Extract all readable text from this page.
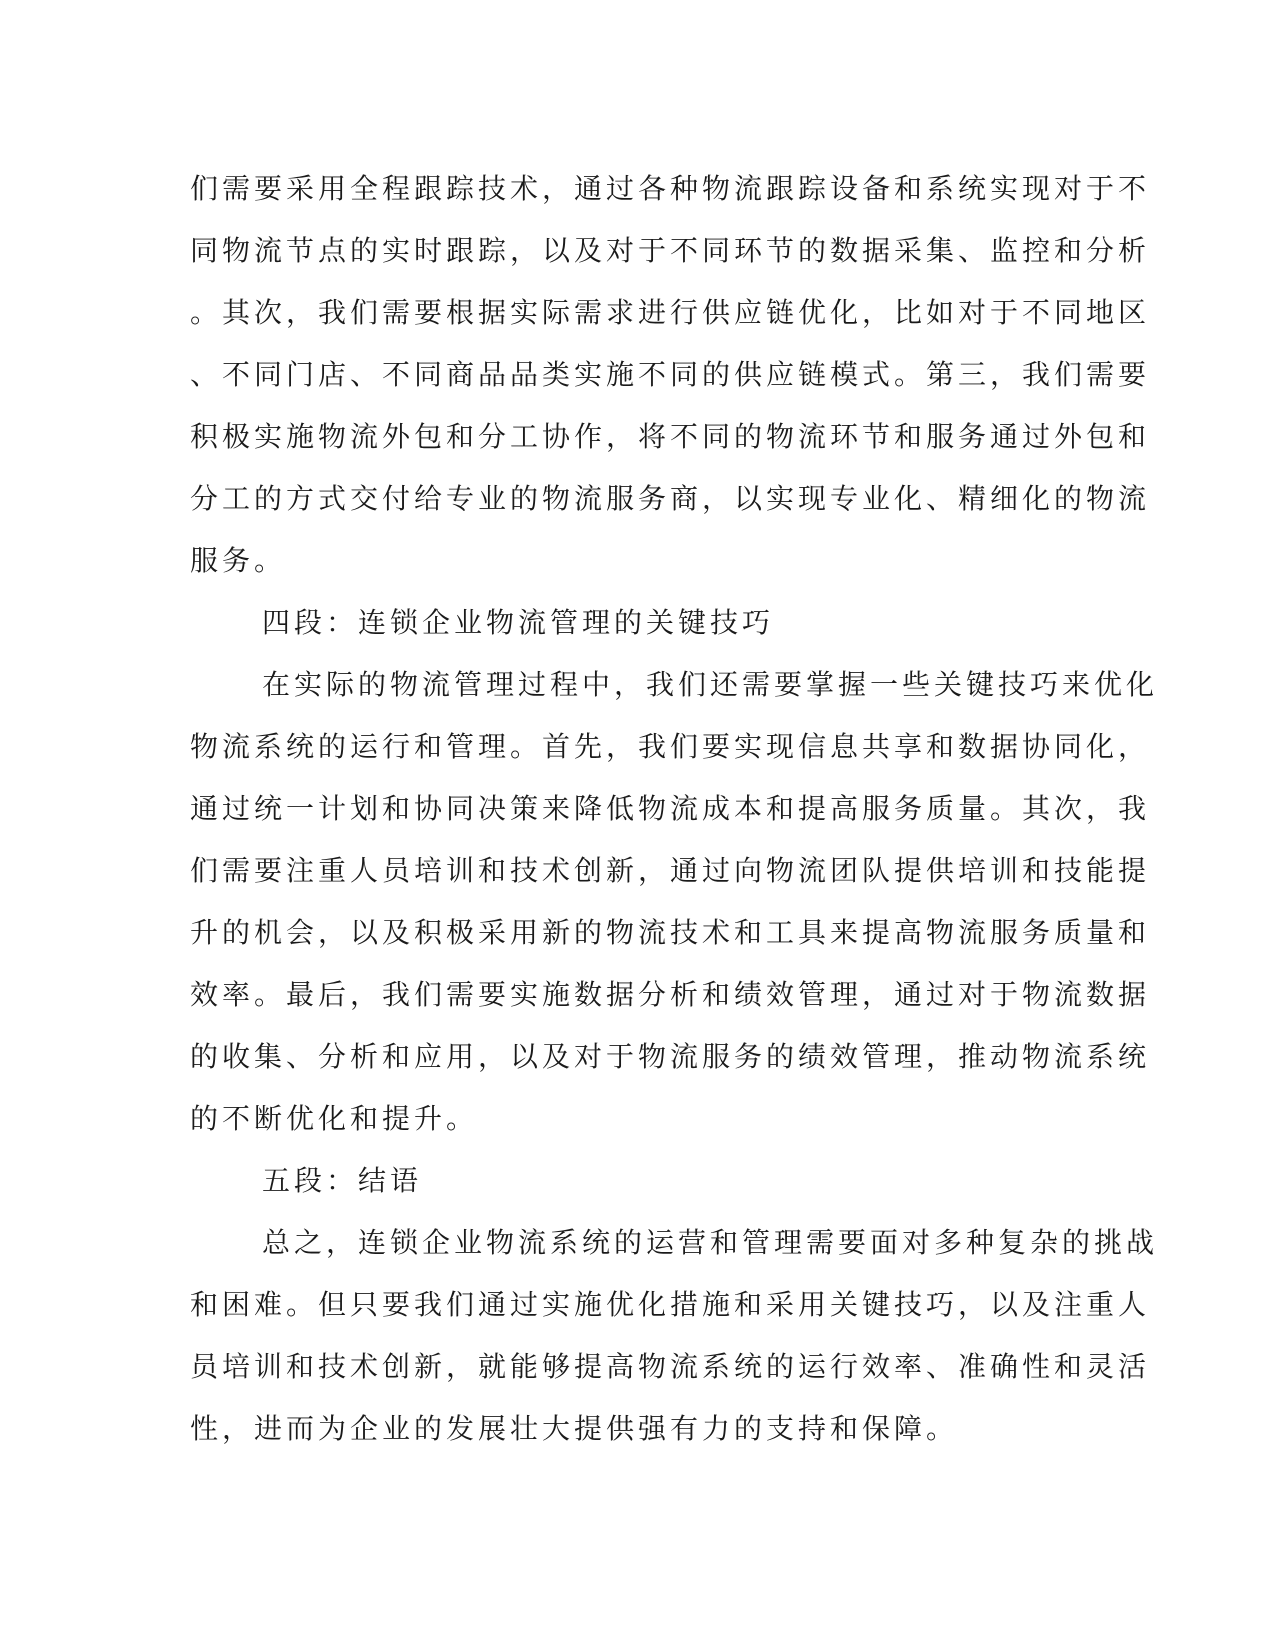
们需要采用全程跟踪技术，通过各种物流跟踪设备和系统实现对于不
同物流节点的实时跟踪，以及对于不同环节的数据采集、监控和分析
。其次，我们需要根据实际需求进行供应链优化，比如对于不同地区
、不同门店、不同商品品类实施不同的供应链模式。第三，我们需要
积极实施物流外包和分工协作，将不同的物流环节和服务通过外包和
分工的方式交付给专业的物流服务商，以实现专业化、精细化的物流
服务。
四段：连锁企业物流管理的关键技巧
在实际的物流管理过程中，我们还需要掌握一些关键技巧来优化
物流系统的运行和管理。首先，我们要实现信息共享和数据协同化，
通过统一计划和协同决策来降低物流成本和提高服务质量。其次，我
们需要注重人员培训和技术创新，通过向物流团队提供培训和技能提
升的机会，以及积极采用新的物流技术和工具来提高物流服务质量和
效率。最后，我们需要实施数据分析和绩效管理，通过对于物流数据
的收集、分析和应用，以及对于物流服务的绩效管理，推动物流系统
的不断优化和提升。
五段：结语
总之，连锁企业物流系统的运营和管理需要面对多种复杂的挑战
和困难。但只要我们通过实施优化措施和采用关键技巧，以及注重人
员培训和技术创新，就能够提高物流系统的运行效率、准确性和灵活
性，进而为企业的发展壮大提供强有力的支持和保障。
